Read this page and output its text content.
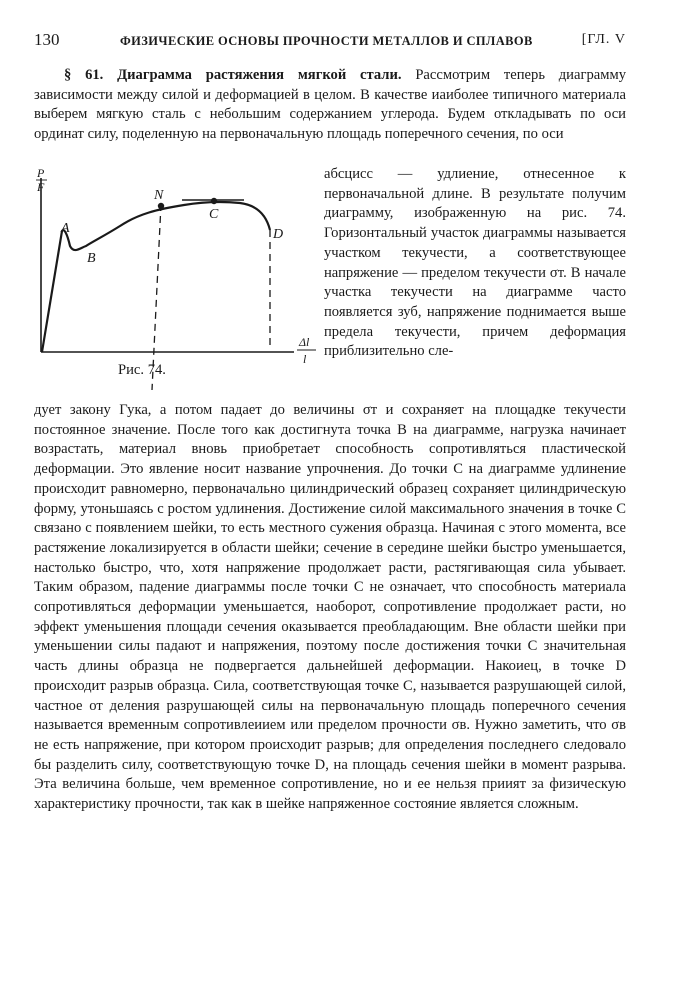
130	ФИЗИЧЕСКИЕ ОСНОВЫ ПРОЧНОСТИ МЕТАЛЛОВ И СПЛАВОВ	[ГЛ. V

§ 61. Диаграмма растяжения мягкой стали. Рассмотрим теперь диаграмму зависимости между силой и деформацией в целом. В качестве иаиболее типичного материала выберем мягкую сталь с небольшим содержанием углерода. Будем откладывать по оси ординат силу, поделенную на первоначальную площадь поперечного сечения, по оси

P
F
Δl
l
A
B
N
C
D
Рис. 74.

абсцисс — удлиение, отнесенное к первоначальной длине. В результате получим диаграмму, изображенную на рис. 74. Горизонтальный участок диаграммы называется участком текучести, а соответствующее напряжение — пределом текучести σт. В начале участка текучести на диаграмме часто появляется зуб, напряжение поднимается выше предела текучести, причем деформация приблизительно сле-

дует закону Гука, а потом падает до величины σт и сохраняет на площадке текучести постоянное значение. После того как достигнута точка B на диаграмме, нагрузка начинает возрастать, материал вновь приобретает способность сопротивляться пластической деформации. Это явление носит название упрочнения. До точки C на диаграмме удлинение происходит равномерно, первоначально цилиндрический образец сохраняет цилиндрическую форму, утоньшаясь с ростом удлинения. Достижение силой максимального значения в точке C связано с появлением шейки, то есть местного сужения образца. Начиная с этого момента, все растяжение локализируется в области шейки; сечение в середине шейки быстро уменьшается, настолько быстро, что, хотя напряжение продолжает расти, растягивающая сила убывает. Таким образом, падение диаграммы после точки C не означает, что способность материала сопротивляться деформации уменьшается, наоборот, сопротивление продолжает расти, но эффект уменьшения площади сечения оказывается преобладающим. Вне области шейки при уменьшении силы падают и напряжения, поэтому после достижения точки C значительная часть длины образца не подвергается дальнейшей деформации. Накоиец, в точке D происходит разрыв образца. Сила, соответствующая точке C, называется разрушающей силой, частное от деления разрушающей силы на первоначальную площадь поперечного сечения называется временным сопротивлеиием или пределом прочности σв. Нужно заметить, что σв не есть напряжение, при котором происходит разрыв; для определения последнего следовало бы разделить силу, соответствующую точке D, на площадь сечения шейки в момент разрыва. Эта величина больше, чем временное сопротивление, но и ее нельзя приият за физическую характеристику прочности, так как в шейке напряженное состояние является сложным.
